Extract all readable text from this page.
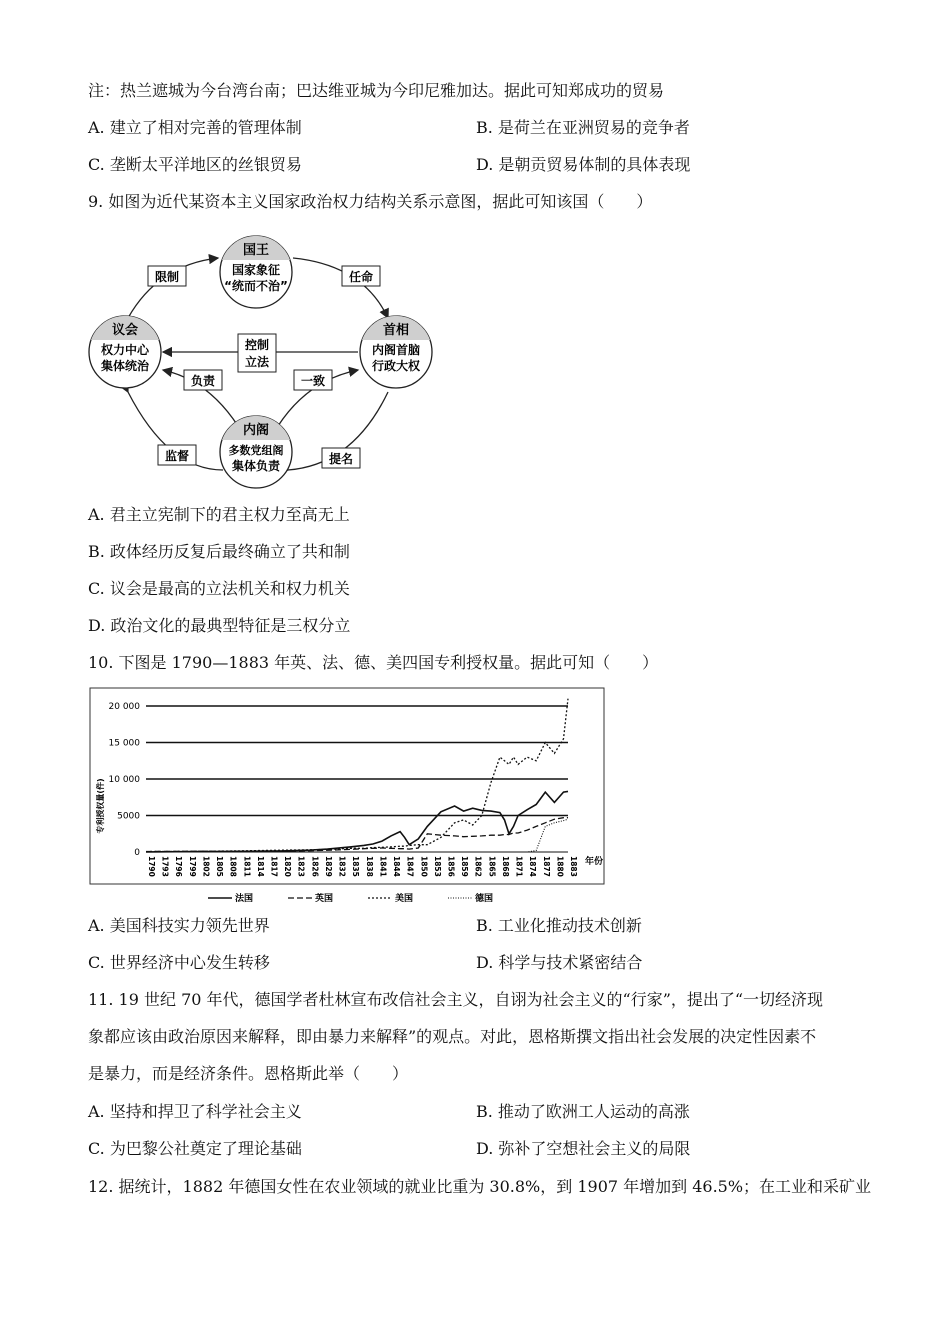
注：热兰遮城为今台湾台南；巴达维亚城为今印尼雅加达。据此可知郑成功的贸易
A. 建立了相对完善的管理体制	B. 是荷兰在亚洲贸易的竞争者
C. 垄断太平洋地区的丝银贸易	D. 是朝贡贸易体制的具体表现
9. 如图为近代某资本主义国家政治权力结构关系示意图，据此可知该国（　　）
国王
国家象征
“统而不治”
议会
权力中心
集体统治
首相
内阁首脑
行政大权
内阁
多数党组阁
集体负责
限制	任命
控制
立法
负责	一致
监督	提名
A. 君主立宪制下的君主权力至高无上
B. 政体经历反复后最终确立了共和制
C. 议会是最高的立法机关和权力机关
D. 政治文化的最典型特征是三权分立
10. 下图是 1790—1883 年英、法、德、美四国专利授权量。据此可知（　　）
0
5000
10 000
15 000
20 000
1790 1793 1796 1799 1802 1805 1808 1811 1814 1817 1820 1823 1826 1829 1832 1835 1838 1841 1844 1847 1850 1853 1856 1859 1862 1865 1868 1871 1874 1877 1880 1883
专利授权量(件)
年份
法国	英国	美国	德国
A. 美国科技实力领先世界	B. 工业化推动技术创新
C. 世界经济中心发生转移	D. 科学与技术紧密结合
11. 19 世纪 70 年代，德国学者杜林宣布改信社会主义，自诩为社会主义的“行家”，提出了“一切经济现
象都应该由政治原因来解释，即由暴力来解释”的观点。对此，恩格斯撰文指出社会发展的决定性因素不
是暴力，而是经济条件。恩格斯此举（　　）
A. 坚持和捍卫了科学社会主义	B. 推动了欧洲工人运动的高涨
C. 为巴黎公社奠定了理论基础	D. 弥补了空想社会主义的局限
12. 据统计，1882 年德国女性在农业领域的就业比重为 30.8%，到 1907 年增加到 46.5%；在工业和采矿业
